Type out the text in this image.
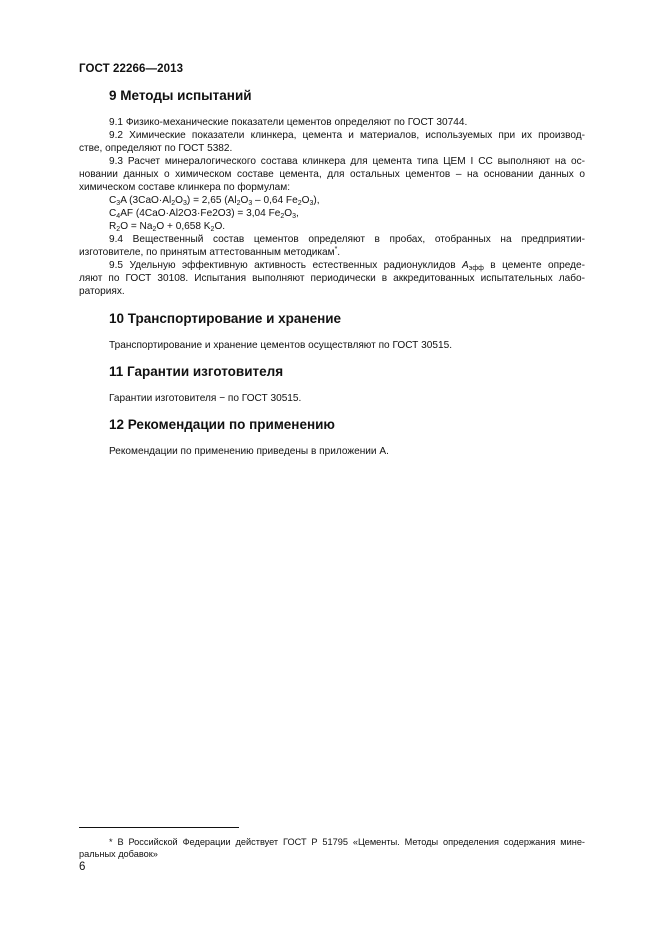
ГОСТ 22266—2013
9 Методы испытаний

9.1 Физико-механические показатели цементов определяют по ГОСТ 30744.

9.2 Химические показатели клинкера, цемента и материалов, используемых при их производ-
стве, определяют по ГОСТ 5382.

9.3 Расчет минералогического состава клинкера для цемента типа ЦЕМ I СС выполняют на ос-
новании данных о химическом составе цемента, для остальных цементов – на основании данных о
химическом составе клинкера по формулам:
$C_3A$ $(3CaO\cdot Al_2O_3) = 2,65$ ($Al_2O_3 - 0,64$ $Fe_2O_3$),
$C_4AF$ (4CaO·Al2O3·Fe2O3) = 3,04 $Fe_2O_3$,
$R_2O = Na_2O + 0,658$ $K_2O$.

9.4 Вещественный состав цементов определяют в пробах, отобранных на предприятии-
изготовителе, по принятым аттестованным методикам*.

9.5 Удельную эффективную активность естественных радионуклидов $A_{эфф}$ в цементе опреде-
ляют по ГОСТ 30108. Испытания выполняют периодически в аккредитованных испытательных лабо-
раториях.

10 Транспортирование и хранение

Транспортирование и хранение цементов осуществляют по ГОСТ 30515.

11 Гарантии изготовителя

Гарантии изготовителя − по ГОСТ 30515.

12 Рекомендации по применению

Рекомендации по применению приведены в приложении А.

* В Российской Федерации действует ГОСТ Р 51795 «Цементы. Методы определения содержания мине-
ральных добавок»

6
